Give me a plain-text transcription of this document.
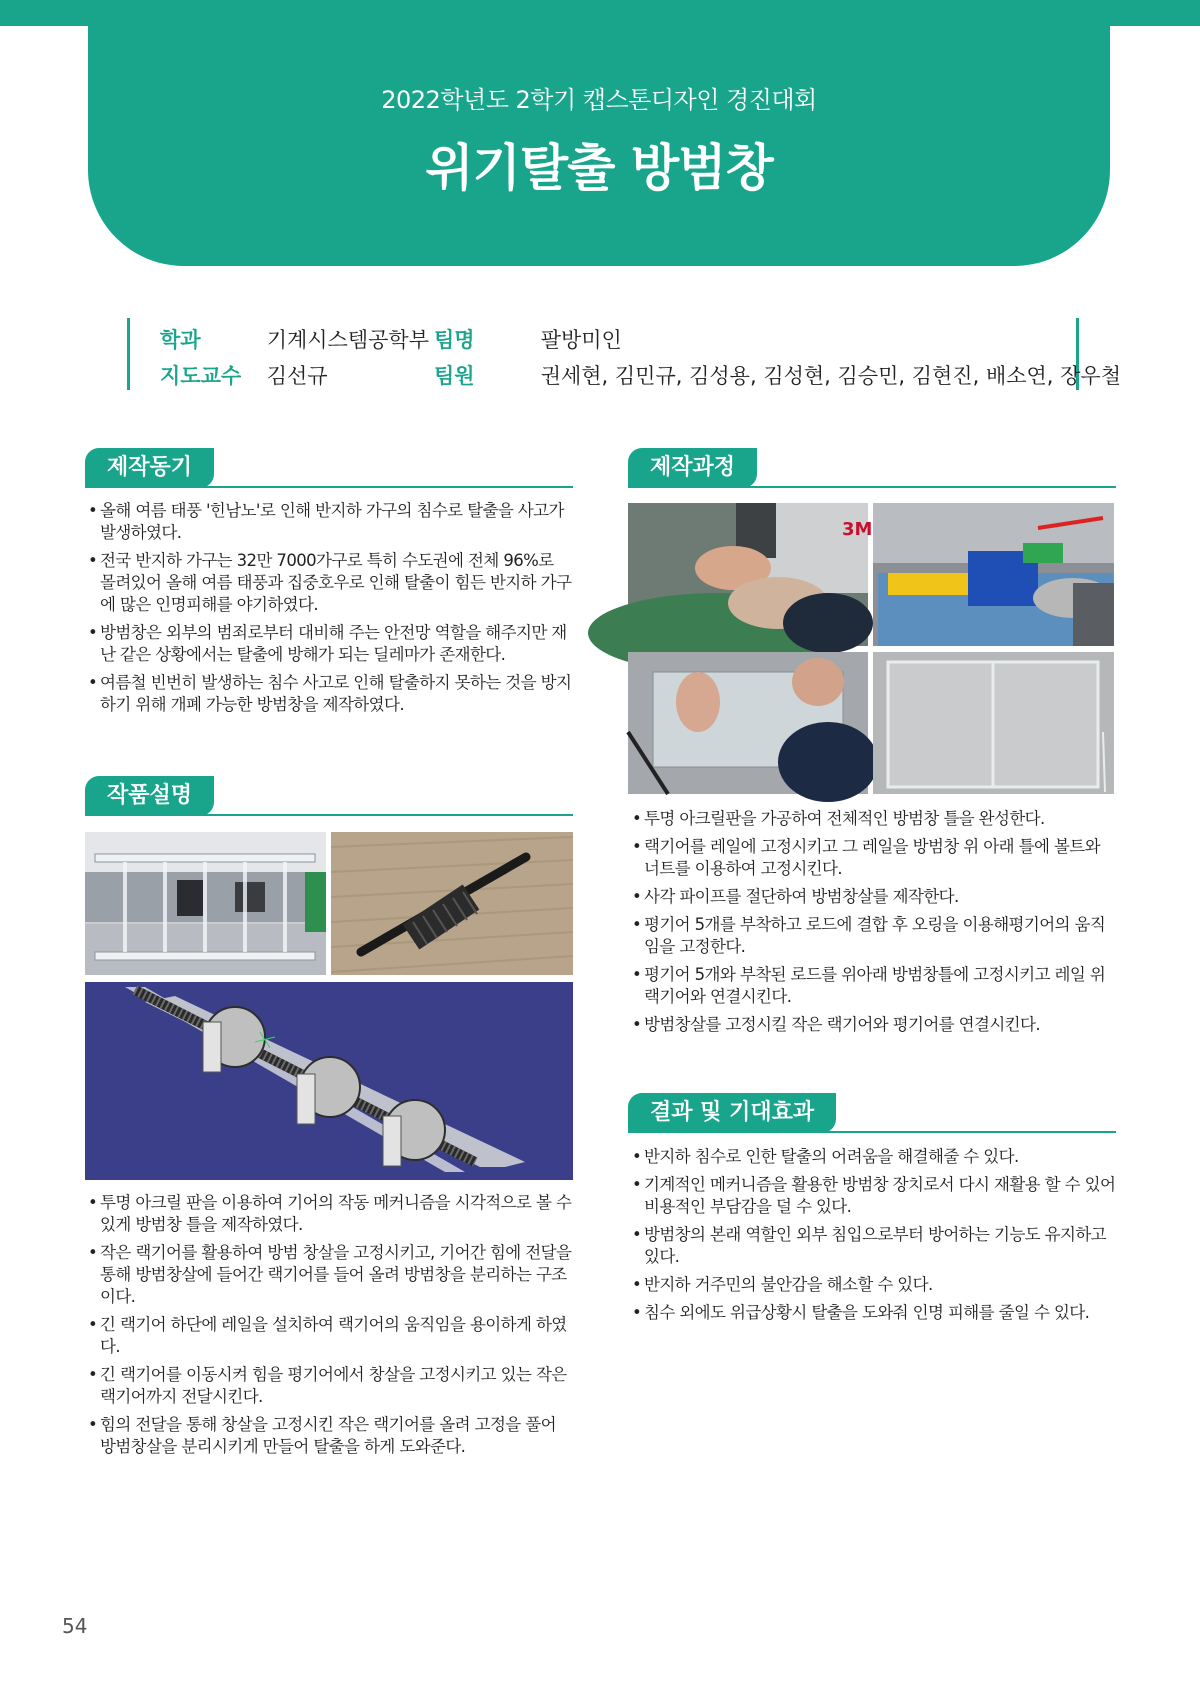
2022학년도 2학기 캡스톤디자인 경진대회
위기탈출 방범창
학과	기계시스템공학부
지도교수 김선규
팀명	팔방미인
팀원	권세현, 김민규, 김성용, 김성현, 김승민, 김현진, 배소연, 장우철
제작동기
• 올해 여름 태풍 '힌남노'로 인해 반지하 가구의 침수로 탈출을 사고가 발생하였다.
• 전국 반지하 가구는 32만 7000가구로 특히 수도권에 전체 96%로 몰려있어 올해 여름 태풍과 집중호우로 인해 탈출이 힘든 반지하 가구에 많은 인명피해를 야기하였다.
• 방범창은 외부의 범죄로부터 대비해 주는 안전망 역할을 해주지만 재난 같은 상황에서는 탈출에 방해가 되는 딜레마가 존재한다.
• 여름철 빈번히 발생하는 침수 사고로 인해 탈출하지 못하는 것을 방지하기 위해 개폐 가능한 방범창을 제작하였다.
작품설명
• 투명 아크릴 판을 이용하여 기어의 작동 메커니즘을 시각적으로 볼 수 있게 방범창 틀을 제작하였다.
• 작은 랙기어를 활용하여 방범 창살을 고정시키고, 기어간 힘에 전달을 통해 방범창살에 들어간 랙기어를 들어 올려 방범창을 분리하는 구조이다.
• 긴 랙기어 하단에 레일을 설치하여 랙기어의 움직임을 용이하게 하였다.
• 긴 랙기어를 이동시켜 힘을 평기어에서 창살을 고정시키고 있는 작은 랙기어까지 전달시킨다.
• 힘의 전달을 통해 창살을 고정시킨 작은 랙기어를 올려 고정을 풀어 방범창살을 분리시키게 만들어 탈출을 하게 도와준다.
제작과정
3M
• 투명 아크릴판을 가공하여 전체적인 방범창 틀을 완성한다.
• 랙기어를 레일에 고정시키고 그 레일을 방범창 위 아래 틀에 볼트와 너트를 이용하여 고정시킨다.
• 사각 파이프를 절단하여 방범창살를 제작한다.
• 평기어 5개를 부착하고 로드에 결합 후 오링을 이용해평기어의 움직임을 고정한다.
• 평기어 5개와 부착된 로드를 위아래 방범창틀에 고정시키고 레일 위 랙기어와 연결시킨다.
• 방범창살를 고정시킬 작은 랙기어와 평기어를 연결시킨다.
결과 및 기대효과
• 반지하 침수로 인한 탈출의 어려움을 해결해줄 수 있다.
• 기계적인 메커니즘을 활용한 방범창 장치로서 다시 재활용 할 수 있어 비용적인 부담감을 덜 수 있다.
• 방범창의 본래 역할인 외부 침입으로부터 방어하는 기능도 유지하고 있다.
• 반지하 거주민의 불안감을 해소할 수 있다.
• 침수 외에도 위급상황시 탈출을 도와줘 인명 피해를 줄일 수 있다.
54
